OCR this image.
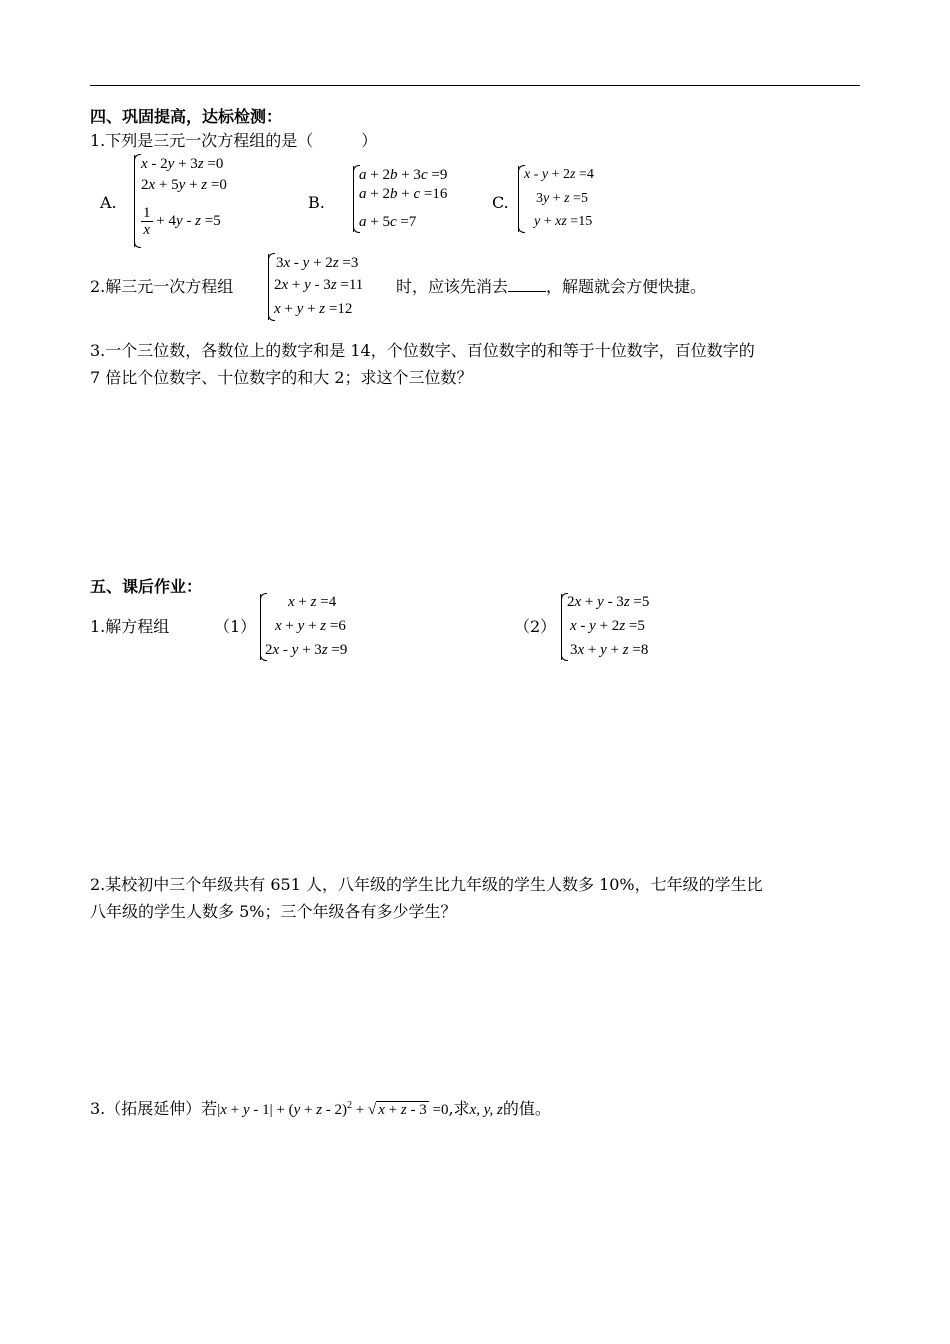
四、巩固提高，达标检测：
1.下列是三元一次方程组的是（　　　）
A.
x - 2y + 3z =0
2x + 5y + z =0
$\frac{1}{x} + 4y - z =5$
B.
a + 2b + 3c =9
a + 2b + c =16
a + 5c =7
C.
x - y + 2z =4
3y + z =5
y + xz =15
2.解三元一次方程组
3x - y + 2z =3
2x + y - 3z =11
x + y + z =12
时，应该先消去 ，解题就会方便快捷。
3.一个三位数，各数位上的数字和是 14，个位数字、百位数字的和等于十位数字，百位数字的
7 倍比个位数字、十位数字的和大 2；求这个三位数？
五、课后作业：
1.解方程组	（1）
x + z =4
x + y + z =6
2x - y + 3z =9
（2）
2x + y - 3z =5
x - y + 2z =5
3x + y + z =8
2.某校初中三个年级共有 651 人，八年级的学生比九年级的学生人数多 10%，七年级的学生比
八年级的学生人数多 5%；三个年级各有多少学生？
3.（拓展延伸）若$|x + y - 1| + (y + z - 2)^2$ + √ x + z - 3 =0,求x, y, z的值。
